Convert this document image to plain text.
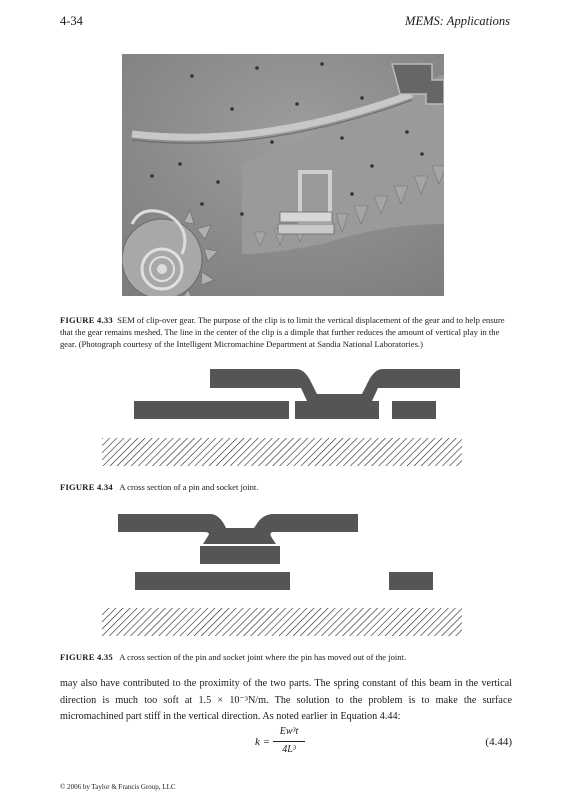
4-34	MEMS: Applications
FIGURE 4.33 SEM of clip-over gear. The purpose of the clip is to limit the vertical displacement of the gear and to help ensure that the gear remains meshed. The line in the center of the clip is a dimple that further reduces the amount of vertical play in the gear. (Photograph courtesy of the Intelligent Micromachine Department at Sandia National Laboratories.)
FIGURE 4.34 A cross section of a pin and socket joint.
FIGURE 4.35 A cross section of the pin and socket joint where the pin has moved out of the joint.
may also have contributed to the proximity of the two parts. The spring constant of this beam in the vertical direction is much too soft at 1.5 × 10⁻³N/m. The solution to the problem is to make the surface micromachined part stiff in the vertical direction. As noted earlier in Equation 4.44:
k =
Ew³t
4L³
(4.44)
© 2006 by Taylor & Francis Group, LLC
